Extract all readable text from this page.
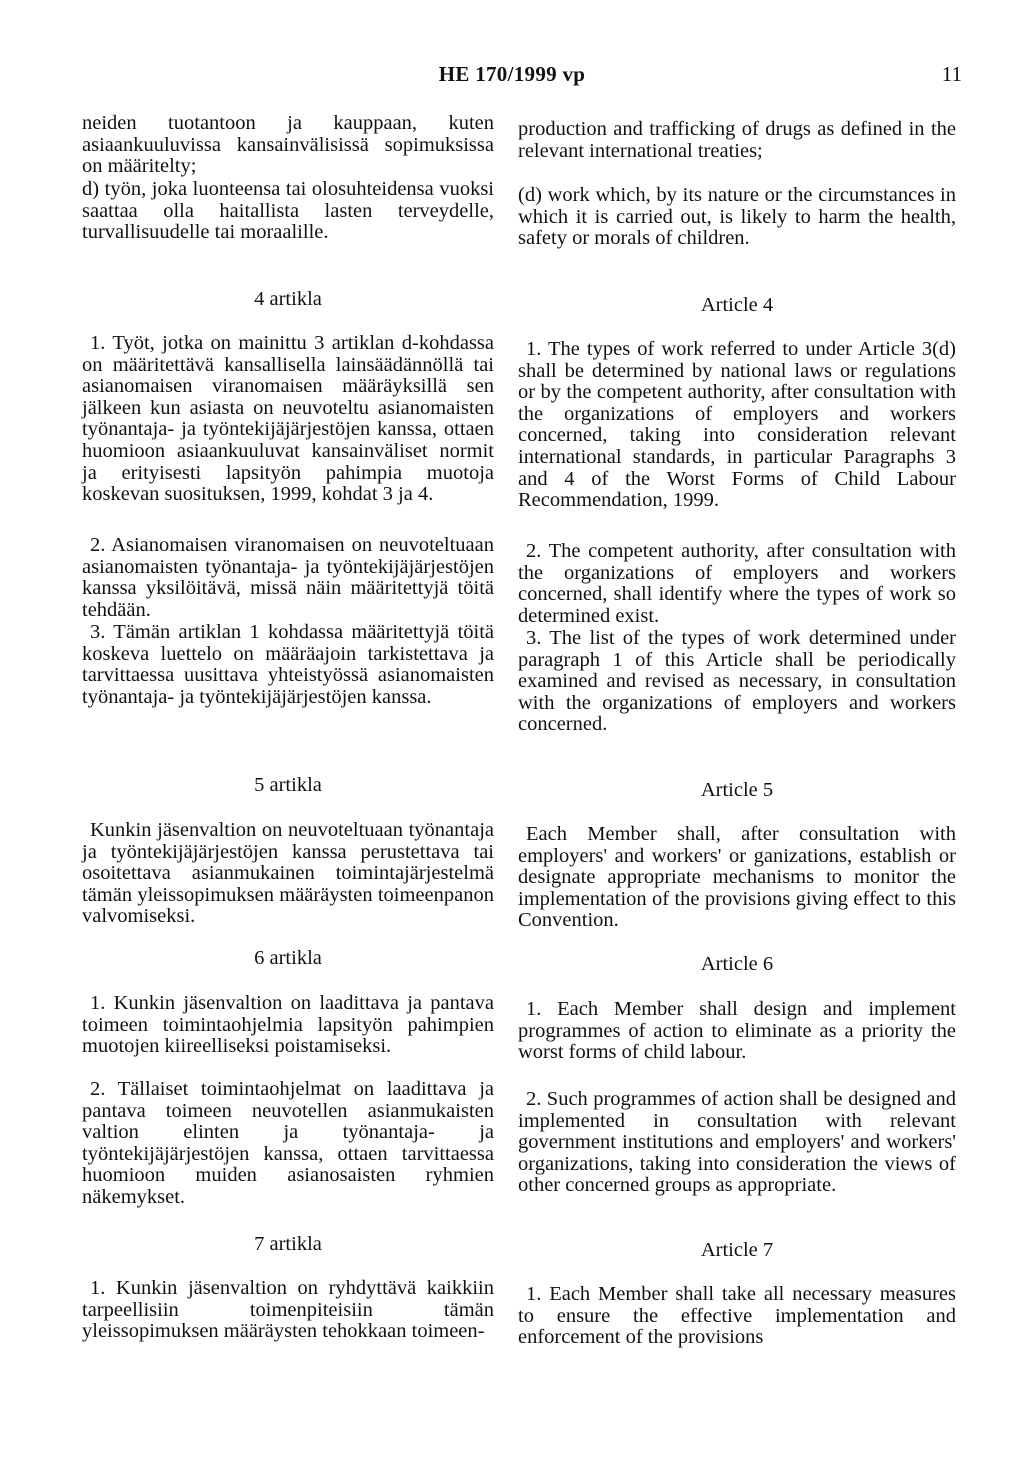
HE 170/1999 vp	11

neiden tuotantoon ja kauppaan, kuten asiaankuuluvissa kansainvälisissä sopimuksissa on määritelty;

d) työn, joka luonteensa tai olosuhteidensa vuoksi saattaa olla haitallista lasten terveydelle, turvallisuudelle tai moraalille.

4 artikla

1. Työt, jotka on mainittu 3 artiklan d-kohdassa on määritettävä kansallisella lainsäädännöllä tai asianomaisen viranomaisen määräyksillä sen jälkeen kun asiasta on neuvoteltu asianomaisten työnantaja- ja työntekijäjärjestöjen kanssa, ottaen huomioon asiaankuuluvat kansainväliset normit ja erityisesti lapsityön pahimpia muotoja koskevan suosituksen, 1999, kohdat 3 ja 4.

2. Asianomaisen viranomaisen on neuvoteltuaan asianomaisten työnantaja- ja työntekijäjärjestöjen kanssa yksilöitävä, missä näin määritettyjä töitä tehdään.

3. Tämän artiklan 1 kohdassa määritettyjä töitä koskeva luettelo on määräajoin tarkistettava ja tarvittaessa uusittava yhteistyössä asianomaisten työnantaja- ja työntekijäjärjestöjen kanssa.

5 artikla

Kunkin jäsenvaltion on neuvoteltuaan työnantaja ja työntekijäjärjestöjen kanssa perustettava tai osoitettava asianmukainen toimintajärjestelmä tämän yleissopimuksen määräysten toimeenpanon valvomiseksi.

6 artikla

1. Kunkin jäsenvaltion on laadittava ja pantava toimeen toimintaohjelmia lapsityön pahimpien muotojen kiireelliseksi poistamiseksi.

2. Tällaiset toimintaohjelmat on laadittava ja pantava toimeen neuvotellen asianmukaisten valtion elinten ja työnantaja- ja työntekijäjärjestöjen kanssa, ottaen tarvittaessa huomioon muiden asianosaisten ryhmien näkemykset.

7 artikla

1. Kunkin jäsenvaltion on ryhdyttävä kaikkiin tarpeellisiin toimenpiteisiin tämän yleissopimuksen määräysten tehokkaan toimeen-

production and trafficking of drugs as defined in the relevant international treaties;

(d) work which, by its nature or the circumstances in which it is carried out, is likely to harm the health, safety or morals of children.

Article 4

1. The types of work referred to under Article 3(d) shall be determined by national laws or regulations or by the competent authority, after consultation with the organizations of employers and workers concerned, taking into consideration relevant international standards, in particular Paragraphs 3 and 4 of the Worst Forms of Child Labour Recommendation, 1999.

2. The competent authority, after consultation with the organizations of employers and workers concerned, shall identify where the types of work so determined exist.

3. The list of the types of work determined under paragraph 1 of this Article shall be periodically examined and revised as necessary, in consultation with the organizations of employers and workers concerned.

Article 5

Each Member shall, after consultation with employers' and workers' or ganizations, establish or designate appropriate mechanisms to monitor the implementation of the provisions giving effect to this Convention.

Article 6

1. Each Member shall design and implement programmes of action to eliminate as a priority the worst forms of child labour.

2. Such programmes of action shall be designed and implemented in consultation with relevant government institutions and employers' and workers' organizations, taking into consideration the views of other concerned groups as appropriate.

Article 7

1. Each Member shall take all necessary measures to ensure the effective implementation and enforcement of the provisions
